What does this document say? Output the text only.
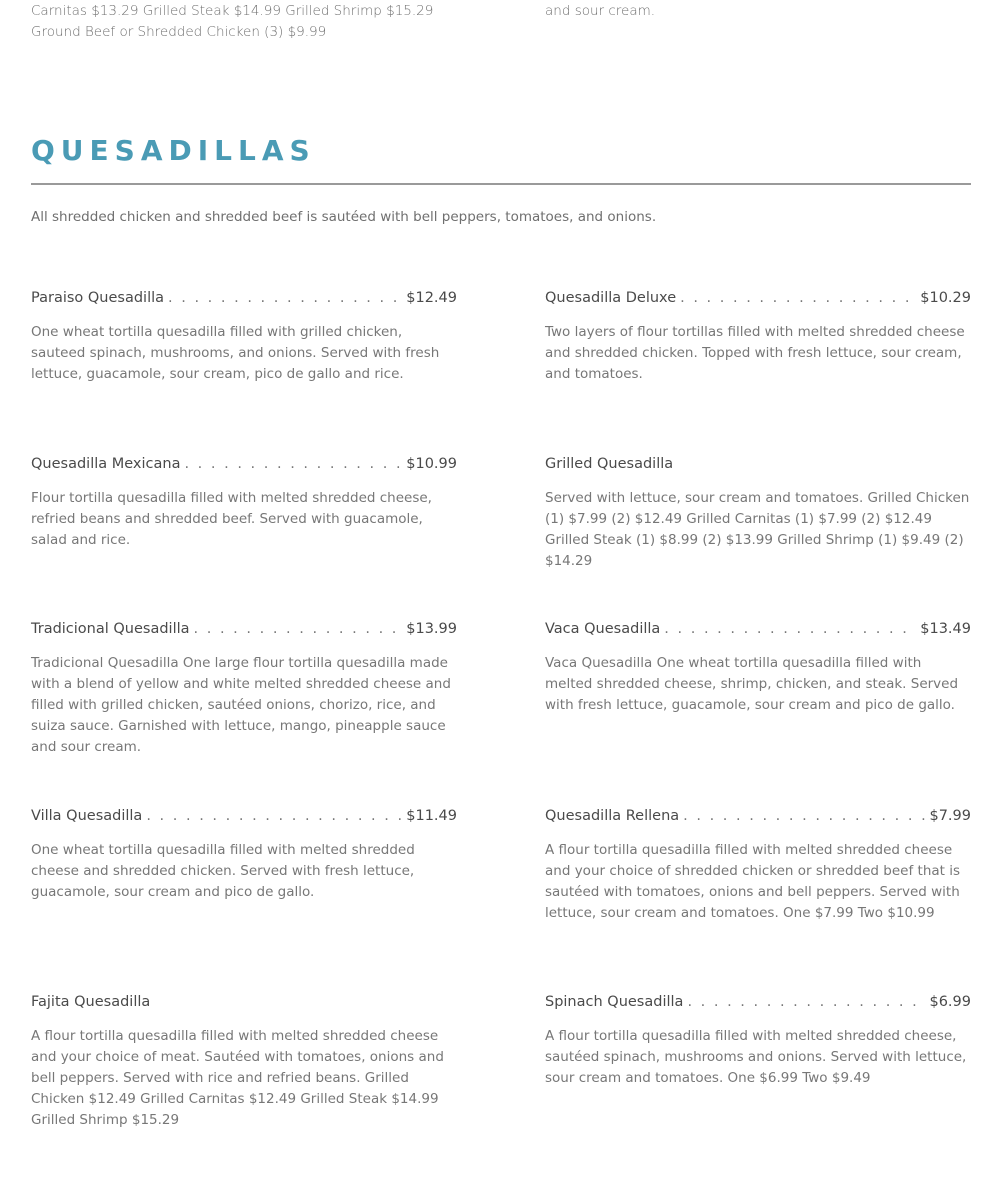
Carnitas $13.29 Grilled Steak $14.99 Grilled Shrimp $15.29 Ground Beef or Shredded Chicken (3) $9.99
and sour cream.
QUESADILLAS
All shredded chicken and shredded beef is sautéed with bell peppers, tomatoes, and onions.
Paraiso Quesadilla . . .	$12.49
One wheat tortilla quesadilla filled with grilled chicken, sauteed spinach, mushrooms, and onions. Served with fresh lettuce, guacamole, sour cream, pico de gallo and rice.
Quesadilla Deluxe . . .	$10.29
Two layers of flour tortillas filled with melted shredded cheese and shredded chicken. Topped with fresh lettuce, sour cream, and tomatoes.
Quesadilla Mexicana . . .	$10.99
Flour tortilla quesadilla filled with melted shredded cheese, refried beans and shredded beef. Served with guacamole, salad and rice.
Grilled Quesadilla
Served with lettuce, sour cream and tomatoes. Grilled Chicken (1) $7.99 (2) $12.49 Grilled Carnitas (1) $7.99 (2) $12.49 Grilled Steak (1) $8.99 (2) $13.99 Grilled Shrimp (1) $9.49 (2) $14.29
Tradicional Quesadilla . . .	$13.99
Tradicional Quesadilla One large flour tortilla quesadilla made with a blend of yellow and white melted shredded cheese and filled with grilled chicken, sautéed onions, chorizo, rice, and suiza sauce. Garnished with lettuce, mango, pineapple sauce and sour cream.
Vaca Quesadilla . . .	$13.49
Vaca Quesadilla One wheat tortilla quesadilla filled with melted shredded cheese, shrimp, chicken, and steak. Served with fresh lettuce, guacamole, sour cream and pico de gallo.
Villa Quesadilla . . .	$11.49
One wheat tortilla quesadilla filled with melted shredded cheese and shredded chicken. Served with fresh lettuce, guacamole, sour cream and pico de gallo.
Quesadilla Rellena . . .	$7.99
A flour tortilla quesadilla filled with melted shredded cheese and your choice of shredded chicken or shredded beef that is sautéed with tomatoes, onions and bell peppers. Served with lettuce, sour cream and tomatoes. One $7.99 Two $10.99
Fajita Quesadilla
A flour tortilla quesadilla filled with melted shredded cheese and your choice of meat. Sautéed with tomatoes, onions and bell peppers. Served with rice and refried beans. Grilled Chicken $12.49 Grilled Carnitas $12.49 Grilled Steak $14.99 Grilled Shrimp $15.29
Spinach Quesadilla . . .	$6.99
A flour tortilla quesadilla filled with melted shredded cheese, sautéed spinach, mushrooms and onions. Served with lettuce, sour cream and tomatoes. One $6.99 Two $9.49
